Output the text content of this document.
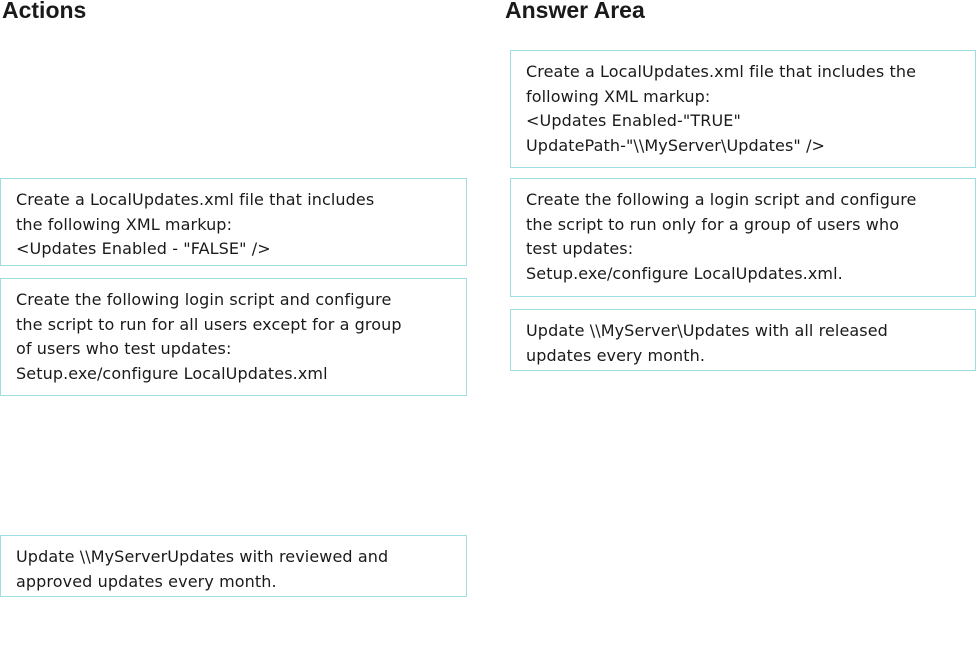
Actions	Answer Area
Create a LocalUpdates.xml file that includes
the following XML markup:
<Updates Enabled - "FALSE" />
Create the following login script and configure
the script to run for all users except for a group
of users who test updates:
Setup.exe/configure LocalUpdates.xml
Update \\MyServerUpdates with reviewed and
approved updates every month.
Create a LocalUpdates.xml file that includes the
following XML markup:
<Updates Enabled-"TRUE"
UpdatePath-"\\MyServer\Updates" />
Create the following a login script and configure
the script to run only for a group of users who
test updates:
Setup.exe/configure LocalUpdates.xml.
Update \\MyServer\Updates with all released
updates every month.
